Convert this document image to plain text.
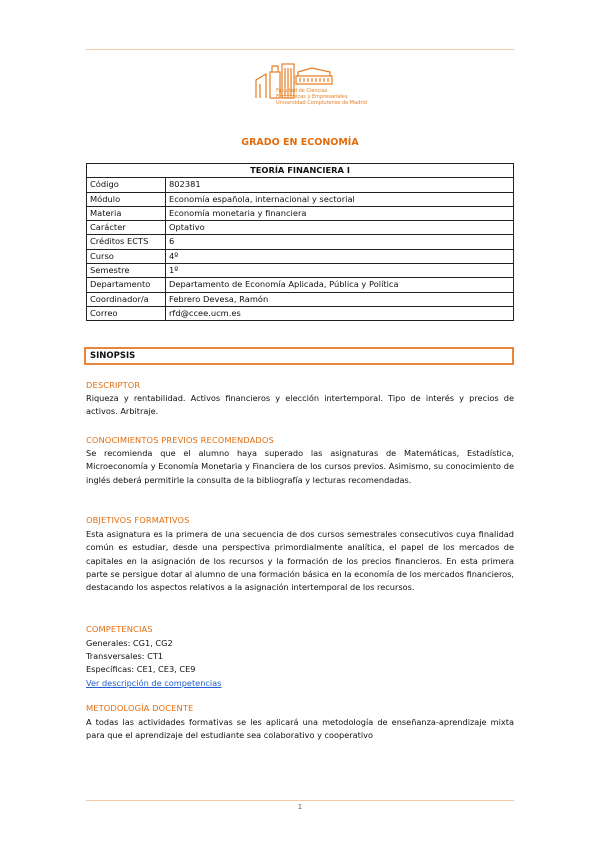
Facultad de Ciencias
Económicas y Empresariales
Universidad Complutense de Madrid
GRADO EN ECONOMÍA
TEORÍA FINANCIERA I	
Código	802381
Módulo	Economía española, internacional y sectorial
Materia	Economía monetaria y financiera
Carácter	Optativo
Créditos ECTS	6
Curso	4º
Semestre	1º
Departamento	Departamento de Economía Aplicada, Pública y Política
Coordinador/a	Febrero Devesa, Ramón
Correo	rfd@ccee.ucm.es
SINOPSIS
DESCRIPTOR
Riqueza y rentabilidad. Activos financieros y elección intertemporal. Tipo de interés y precios de activos. Arbitraje.
CONOCIMIENTOS PREVIOS RECOMENDADOS
Se recomienda que el alumno haya superado las asignaturas de Matemáticas, Estadística, Microeconomía y Economía Monetaria y Financiera de los cursos previos. Asimismo, su conocimiento de inglés deberá permitirle la consulta de la bibliografía y lecturas recomendadas.
OBJETIVOS FORMATIVOS
Esta asignatura es la primera de una secuencia de dos cursos semestrales consecutivos cuya finalidad común es estudiar, desde una perspectiva primordialmente analítica, el papel de los mercados de capitales en la asignación de los recursos y la formación de los precios financieros. En esta primera parte se persigue dotar al alumno de una formación básica en la economía de los mercados financieros, destacando los aspectos relativos a la asignación intertemporal de los recursos.
COMPETENCIAS
Generales: CG1, CG2
Transversales: CT1
Específicas: CE1, CE3, CE9
Ver descripción de competencias
METODOLOGÍA DOCENTE
A todas las actividades formativas se les aplicará una metodología de enseñanza-aprendizaje mixta para que el aprendizaje del estudiante sea colaborativo y cooperativo
1
